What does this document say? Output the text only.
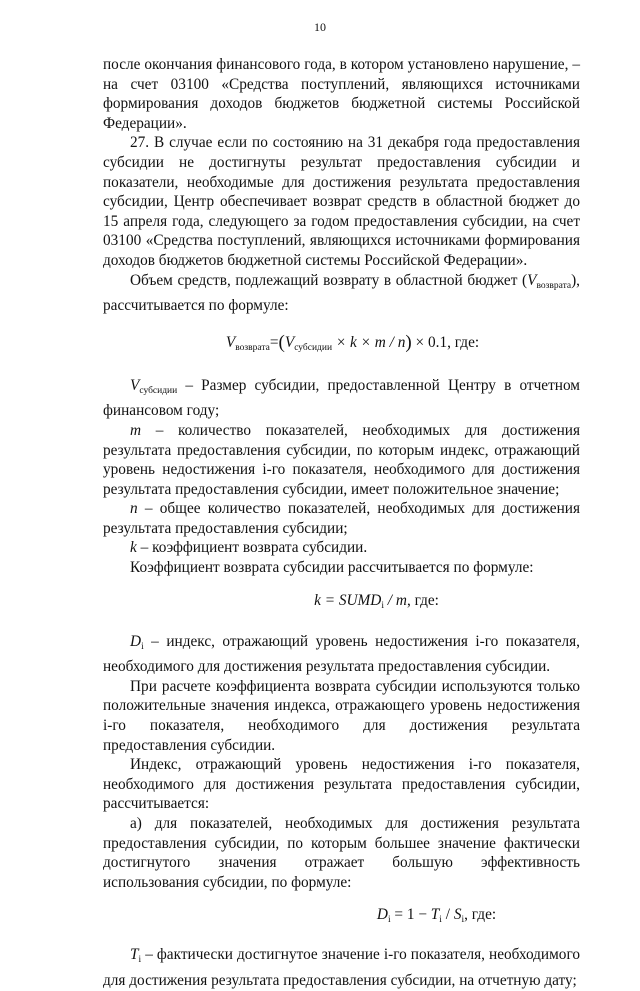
10

после окончания финансового года, в котором установлено нарушение, – на счет 03100 «Средства поступлений, являющихся источниками формирования доходов бюджетов бюджетной системы Российской Федерации».

27. В случае если по состоянию на 31 декабря года предоставления субсидии не достигнуты результат предоставления субсидии и показатели, необходимые для достижения результата предоставления субсидии, Центр обеспечивает возврат средств в областной бюджет до 15 апреля года, следующего за годом предоставления субсидии, на счет 03100 «Средства поступлений, являющихся источниками формирования доходов бюджетов бюджетной системы Российской Федерации».

Объем средств, подлежащий возврату в областной бюджет $(V_{возврата})$, рассчитывается по формуле:

$V_{возврата}=(V_{субсидии} \times k \times m / n) \times 0.1$, где:

$V_{субсидии}$ – Размер субсидии, предоставленной Центру в отчетном финансовом году;

m – количество показателей, необходимых для достижения результата предоставления субсидии, по которым индекс, отражающий уровень недостижения i-го показателя, необходимого для достижения результата предоставления субсидии, имеет положительное значение;

n – общее количество показателей, необходимых для достижения результата предоставления субсидии;

k – коэффициент возврата субсидии.

Коэффициент возврата субсидии рассчитывается по формуле:

$k = SUMD_i / m$, где:

$D_i$ – индекс, отражающий уровень недостижения i-го показателя, необходимого для достижения результата предоставления субсидии.

При расчете коэффициента возврата субсидии используются только положительные значения индекса, отражающего уровень недостижения i-го показателя, необходимого для достижения результата предоставления субсидии.

Индекс, отражающий уровень недостижения i-го показателя, необходимого для достижения результата предоставления субсидии, рассчитывается:

а) для показателей, необходимых для достижения результата предоставления субсидии, по которым большее значение фактически достигнутого значения отражает большую эффективность использования субсидии, по формуле:

$D_i = 1 - T_i / S_i$, где:

$T_i$ – фактически достигнутое значение i-го показателя, необходимого для достижения результата предоставления субсидии, на отчетную дату;
